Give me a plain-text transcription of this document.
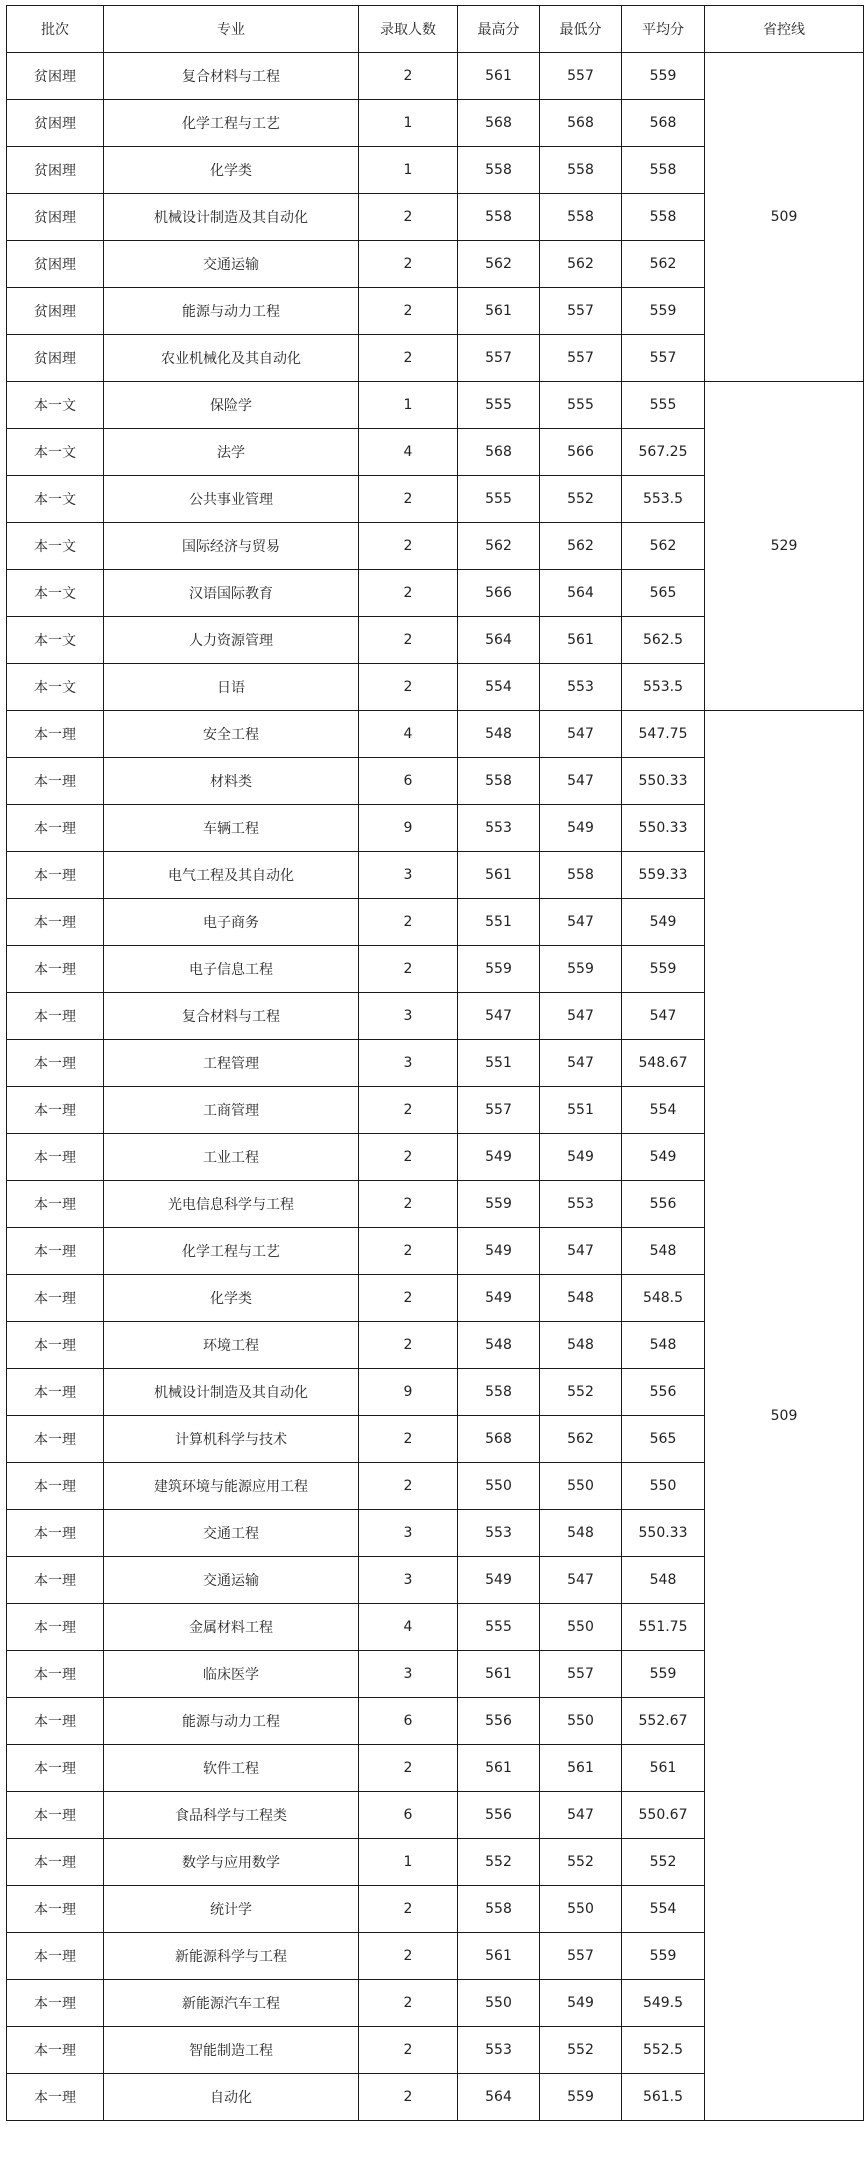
批次	专业	录取人数	最高分	最低分	平均分	省控线
贫困理	复合材料与工程	2	561	557	559	509
贫困理	化学工程与工艺	1	568	568	568	
贫困理	化学类	1	558	558	558	
贫困理	机械设计制造及其自动化	2	558	558	558	
贫困理	交通运输	2	562	562	562	
贫困理	能源与动力工程	2	561	557	559	
贫困理	农业机械化及其自动化	2	557	557	557	
本一文	保险学	1	555	555	555	529
本一文	法学	4	568	566	567.25	
本一文	公共事业管理	2	555	552	553.5	
本一文	国际经济与贸易	2	562	562	562	
本一文	汉语国际教育	2	566	564	565	
本一文	人力资源管理	2	564	561	562.5	
本一文	日语	2	554	553	553.5	
本一理	安全工程	4	548	547	547.75	509
本一理	材料类	6	558	547	550.33	
本一理	车辆工程	9	553	549	550.33	
本一理	电气工程及其自动化	3	561	558	559.33	
本一理	电子商务	2	551	547	549	
本一理	电子信息工程	2	559	559	559	
本一理	复合材料与工程	3	547	547	547	
本一理	工程管理	3	551	547	548.67	
本一理	工商管理	2	557	551	554	
本一理	工业工程	2	549	549	549	
本一理	光电信息科学与工程	2	559	553	556	
本一理	化学工程与工艺	2	549	547	548	
本一理	化学类	2	549	548	548.5	
本一理	环境工程	2	548	548	548	
本一理	机械设计制造及其自动化	9	558	552	556	
本一理	计算机科学与技术	2	568	562	565	
本一理	建筑环境与能源应用工程	2	550	550	550	
本一理	交通工程	3	553	548	550.33	
本一理	交通运输	3	549	547	548	
本一理	金属材料工程	4	555	550	551.75	
本一理	临床医学	3	561	557	559	
本一理	能源与动力工程	6	556	550	552.67	
本一理	软件工程	2	561	561	561	
本一理	食品科学与工程类	6	556	547	550.67	
本一理	数学与应用数学	1	552	552	552	
本一理	统计学	2	558	550	554	
本一理	新能源科学与工程	2	561	557	559	
本一理	新能源汽车工程	2	550	549	549.5	
本一理	智能制造工程	2	553	552	552.5	
本一理	自动化	2	564	559	561.5	
